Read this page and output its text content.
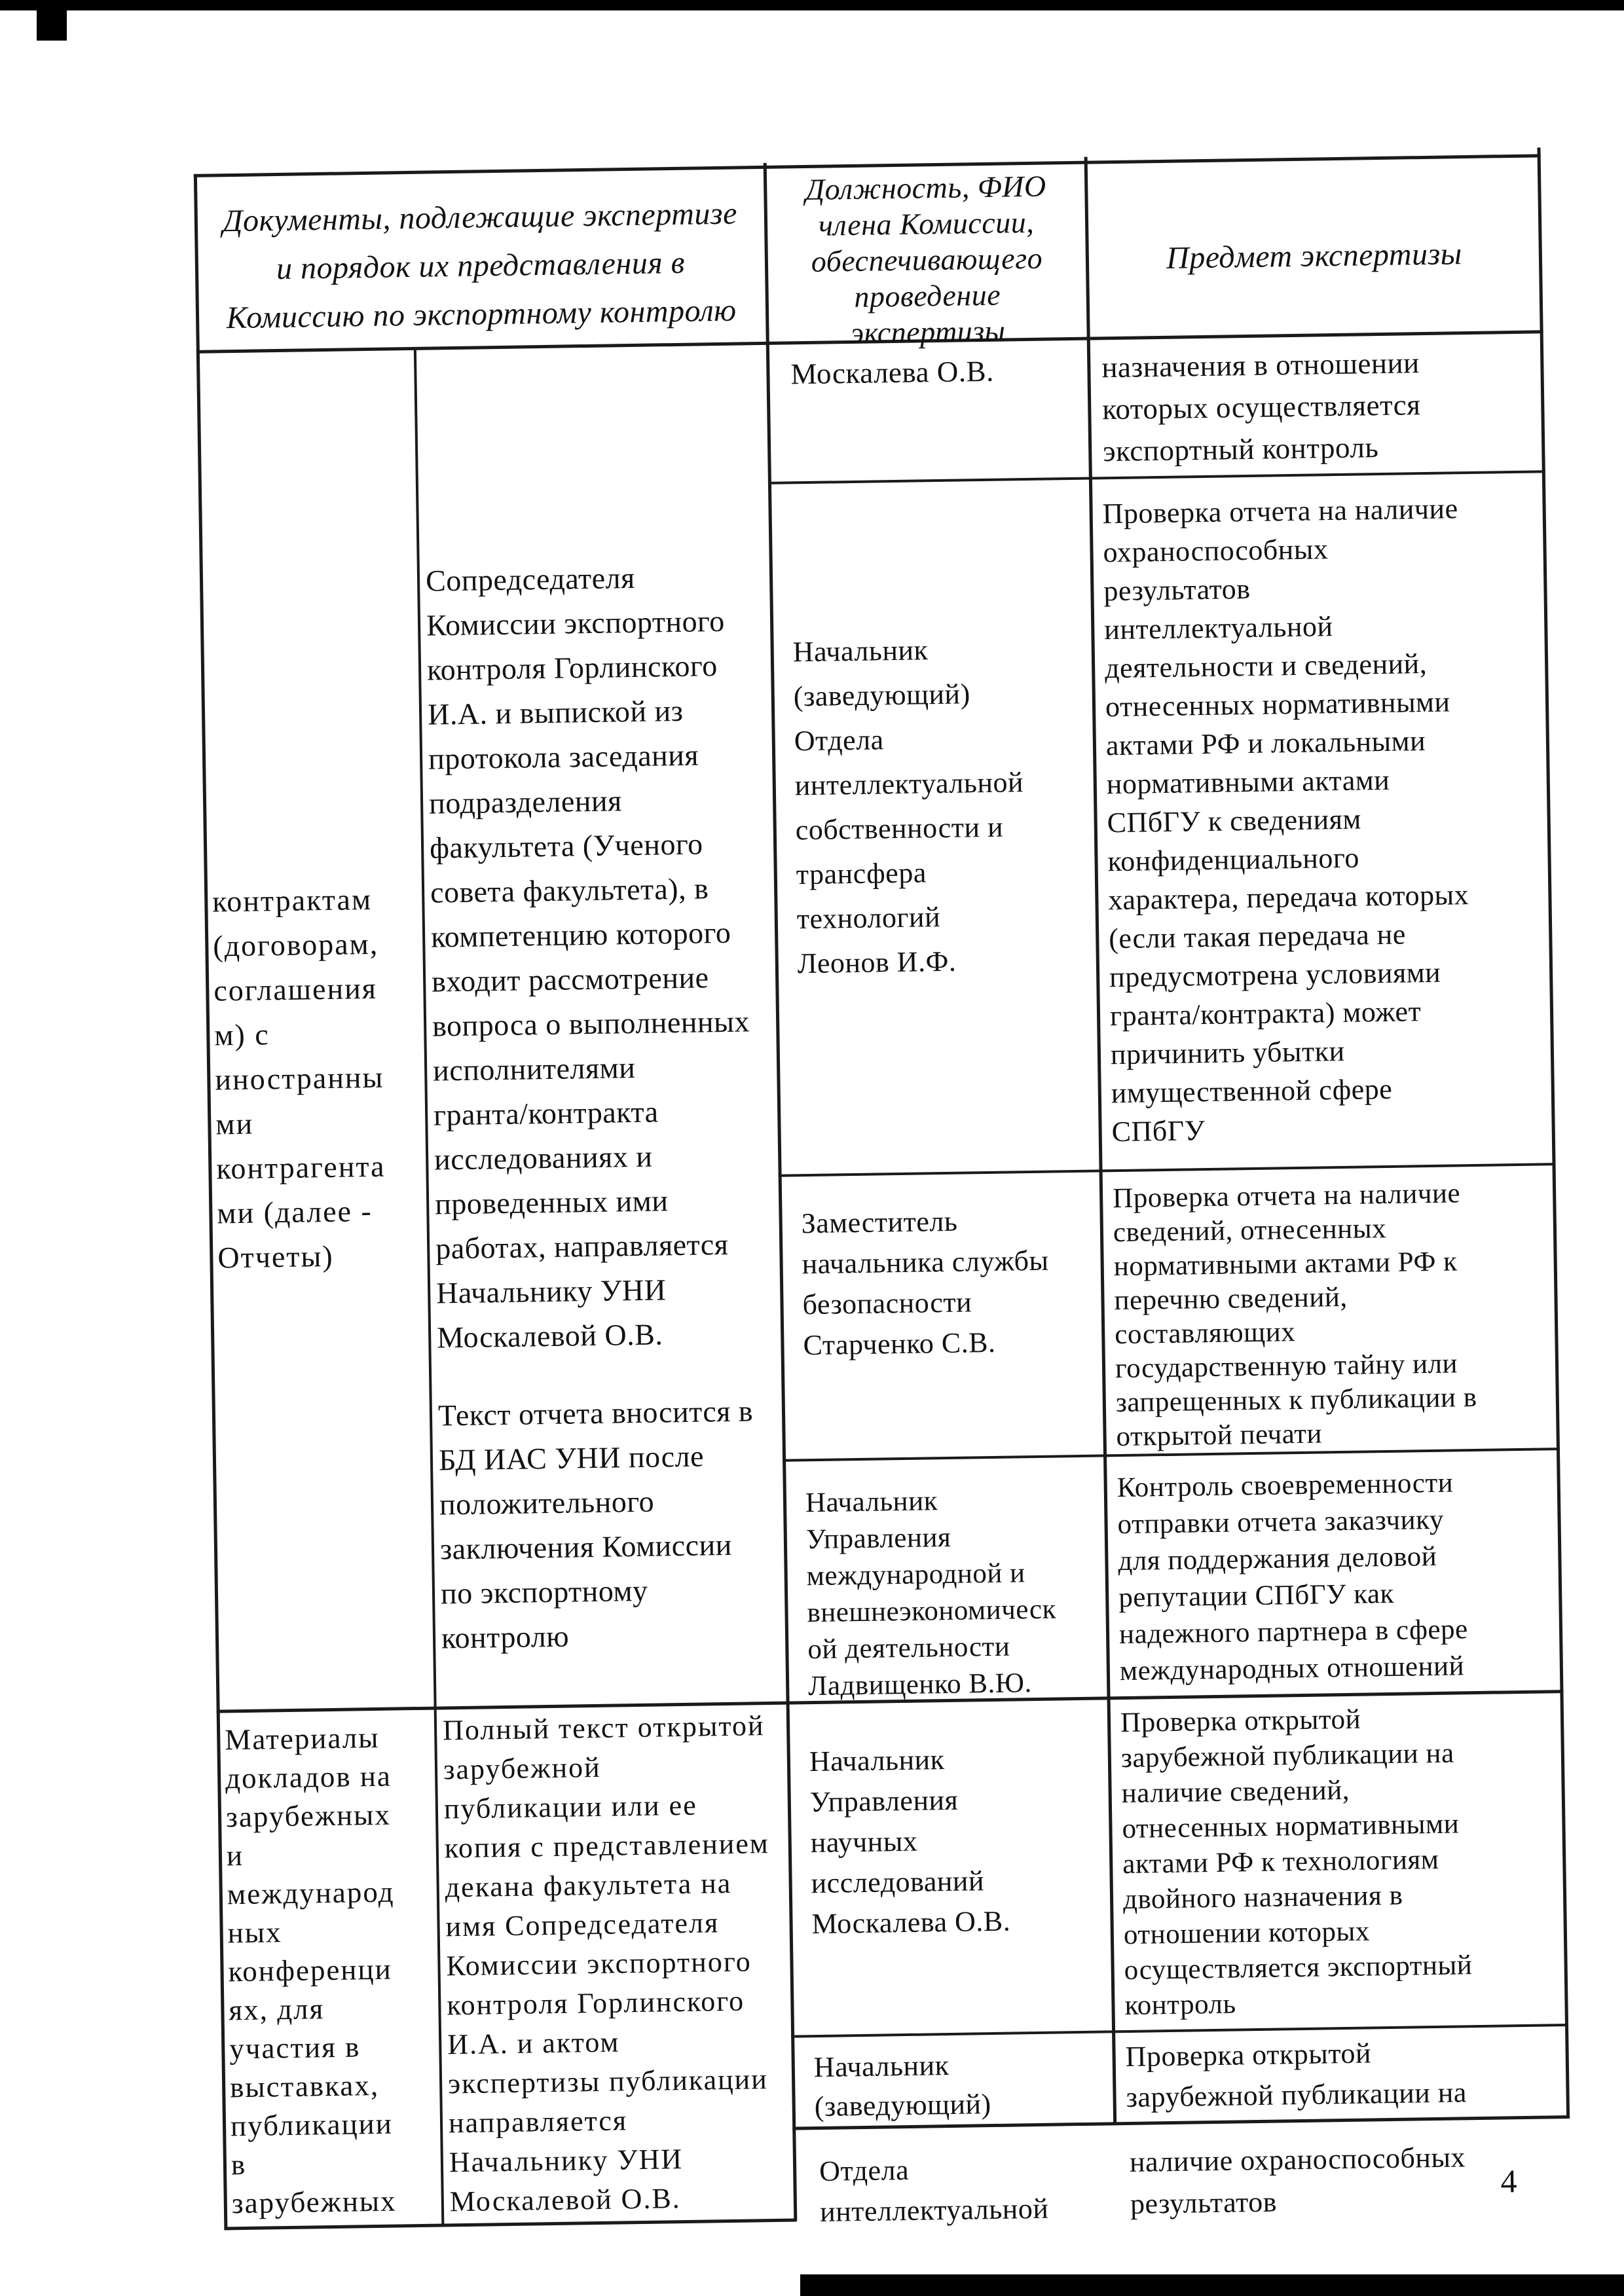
Документы, подлежащие экспертизе
и порядок их представления в
Комиссию по экспортному контролю
Должность, ФИО
члена Комиссии,
обеспечивающего
проведение
экспертизы
Предмет экспертизы
Москалева О.В.	назначения в отношении
которых осуществляется
экспортный контроль
контрактам
(договорам,
соглашения
м) с
иностранны
ми
контрагента
ми (далее -
Отчеты)
Сопредседателя
Комиссии экспортного
контроля Горлинского
И.А. и выпиской из
протокола заседания
подразделения
факультета (Ученого
совета факультета), в
компетенцию которого
входит рассмотрение
вопроса о выполненных
исполнителями
гранта/контракта
исследованиях и
проведенных ими
работах, направляется
Начальнику УНИ
Москалевой О.В.
Текст отчета вносится в
БД ИАС УНИ после
положительного
заключения Комиссии
по экспортному
контролю
Начальник
(заведующий)
Отдела
интеллектуальной
собственности и
трансфера
технологий
Леонов И.Ф.
Проверка отчета на наличие
охраноспособных
результатов
интеллектуальной
деятельности и сведений,
отнесенных нормативными
актами РФ и локальными
нормативными актами
СПбГУ к сведениям
конфиденциального
характера, передача которых
(если такая передача не
предусмотрена условиями
гранта/контракта) может
причинить убытки
имущественной сфере
СПбГУ
Заместитель
начальника службы
безопасности
Старченко С.В.
Проверка отчета на наличие
сведений, отнесенных
нормативными актами РФ к
перечню сведений,
составляющих
государственную тайну или
запрещенных к публикации в
открытой печати
Начальник
Управления
международной и
внешнеэкономическ
ой деятельности
Ладвищенко В.Ю.
Контроль своевременности
отправки отчета заказчику
для поддержания деловой
репутации СПбГУ как
надежного партнера в сфере
международных отношений
Материалы
докладов на
зарубежных
и
международ
ных
конференци
ях, для
участия в
выставках,
публикации
в
зарубежных
Полный текст открытой
зарубежной
публикации или ее
копия с представлением
декана факультета на
имя Сопредседателя
Комиссии экспортного
контроля Горлинского
И.А. и актом
экспертизы публикации
направляется
Начальнику УНИ
Москалевой О.В.
Начальник
Управления
научных
исследований
Москалева О.В.
Проверка открытой
зарубежной публикации на
наличие сведений,
отнесенных нормативными
актами РФ к технологиям
двойного назначения в
отношении которых
осуществляется экспортный
контроль
Начальник
(заведующий)
Проверка открытой
зарубежной публикации на
Отдела
интеллектуальной
наличие охраноспособных
результатов
4
